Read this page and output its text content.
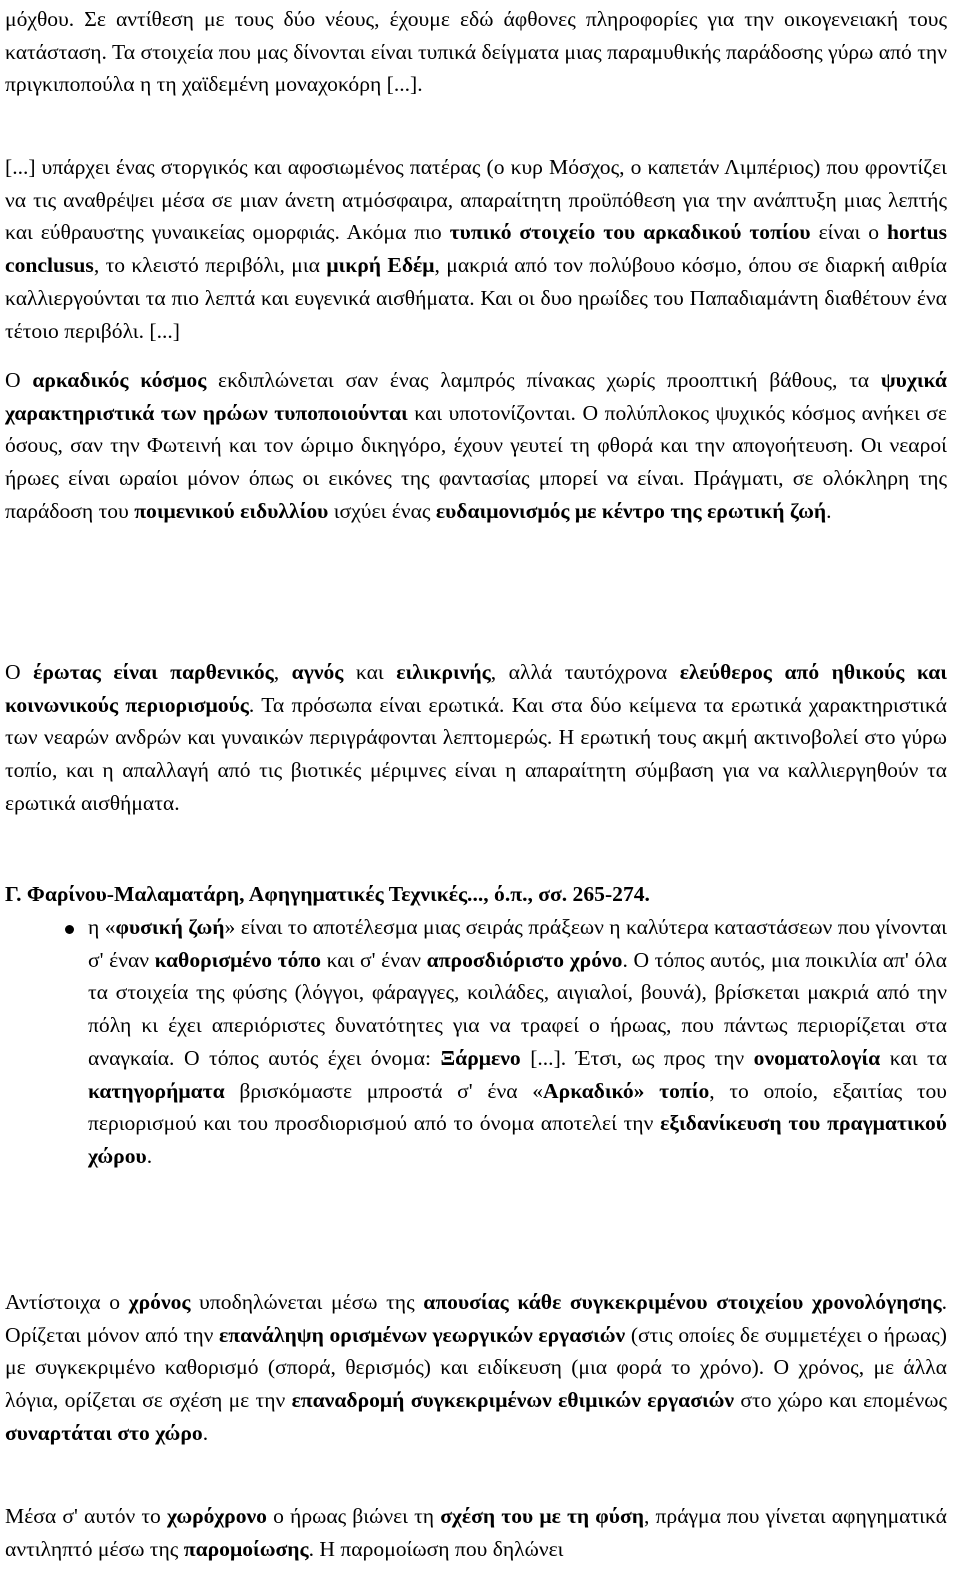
μόχθου. Σε αντίθεση με τους δύο νέους, έχουμε εδώ άφθονες πληροφορίες για την οικογενειακή τους κατάσταση. Τα στοιχεία που μας δίνονται είναι τυπικά δείγματα μιας παραμυθικής παράδοσης γύρω από την πριγκιποπούλα η τη χαϊδεμένη μοναχοκόρη [...].

[...] υπάρχει ένας στοργικός και αφοσιωμένος πατέρας (ο κυρ Μόσχος, ο καπετάν Λιμπέριος) που φροντίζει να τις αναθρέψει μέσα σε μιαν άνετη ατμόσφαιρα, απαραίτητη προϋπόθεση για την ανάπτυξη μιας λεπτής και εύθραυστης γυναικείας ομορφιάς. Ακόμα πιο τυπικό στοιχείο του αρκαδικού τοπίου είναι ο hortus conclusus, το κλειστό περιβόλι, μια μικρή Εδέμ, μακριά από τον πολύβουο κόσμο, όπου σε διαρκή αιθρία καλλιεργούνται τα πιο λεπτά και ευγενικά αισθήματα. Και οι δυο ηρωίδες του Παπαδιαμάντη διαθέτουν ένα τέτοιο περιβόλι. [...]

Ο αρκαδικός κόσμος εκδιπλώνεται σαν ένας λαμπρός πίνακας χωρίς προοπτική βάθους, τα ψυχικά χαρακτηριστικά των ηρώων τυποποιούνται και υποτονίζονται. Ο πολύπλοκος ψυχικός κόσμος ανήκει σε όσους, σαν την Φωτεινή και τον ώριμο δικηγόρο, έχουν γευτεί τη φθορά και την απογοήτευση. Οι νεαροί ήρωες είναι ωραίοι μόνον όπως οι εικόνες της φαντασίας μπορεί να είναι. Πράγματι, σε ολόκληρη της παράδοση του ποιμενικού ειδυλλίου ισχύει ένας ευδαιμονισμός με κέντρο της ερωτική ζωή.

Ο έρωτας είναι παρθενικός, αγνός και ειλικρινής, αλλά ταυτόχρονα ελεύθερος από ηθικούς και κοινωνικούς περιορισμούς. Τα πρόσωπα είναι ερωτικά. Και στα δύο κείμενα τα ερωτικά χαρακτηριστικά των νεαρών ανδρών και γυναικών περιγράφονται λεπτομερώς. Η ερωτική τους ακμή ακτινοβολεί στο γύρω τοπίο, και η απαλλαγή από τις βιοτικές μέριμνες είναι η απαραίτητη σύμβαση για να καλλιεργηθούν τα ερωτικά αισθήματα.

Γ. Φαρίνου-Μαλαματάρη, Αφηγηματικές Τεχνικές..., ό.π., σσ. 265-274.

η «φυσική ζωή» είναι το αποτέλεσμα μιας σειράς πράξεων η καλύτερα καταστάσεων που γίνονται σ' έναν καθορισμένο τόπο και σ' έναν απροσδιόριστο χρόνο. Ο τόπος αυτός, μια ποικιλία απ' όλα τα στοιχεία της φύσης (λόγγοι, φάραγγες, κοιλάδες, αιγιαλοί, βουνά), βρίσκεται μακριά από την πόλη κι έχει απεριόριστες δυνατότητες για να τραφεί ο ήρωας, που πάντως περιορίζεται στα αναγκαία. Ο τόπος αυτός έχει όνομα: Ξάρμενο [...]. Έτσι, ως προς την ονοματολογία και τα κατηγορήματα βρισκόμαστε μπροστά σ' ένα «Αρκαδικό» τοπίο, το οποίο, εξαιτίας του περιορισμού και του προσδιορισμού από το όνομα αποτελεί την εξιδανίκευση του πραγματικού χώρου.

Αντίστοιχα ο χρόνος υποδηλώνεται μέσω της απουσίας κάθε συγκεκριμένου στοιχείου χρονολόγησης. Ορίζεται μόνον από την επανάληψη ορισμένων γεωργικών εργασιών (στις οποίες δε συμμετέχει ο ήρωας) με συγκεκριμένο καθορισμό (σπορά, θερισμός) και ειδίκευση (μια φορά το χρόνο). Ο χρόνος, με άλλα λόγια, ορίζεται σε σχέση με την επαναδρομή συγκεκριμένων εθιμικών εργασιών στο χώρο και επομένως συναρτάται στο χώρο.

Μέσα σ' αυτόν το χωρόχρονο ο ήρωας βιώνει τη σχέση του με τη φύση, πράγμα που γίνεται αφηγηματικά αντιληπτό μέσω της παρομοίωσης. Η παρομοίωση που δηλώνει
